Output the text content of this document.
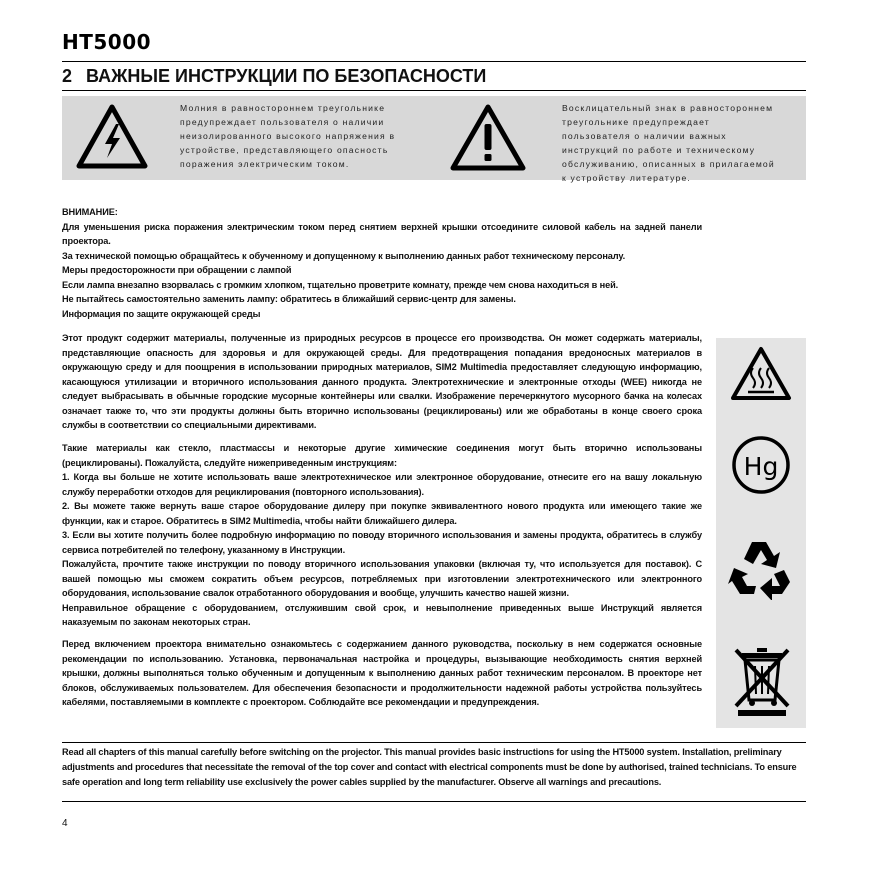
HT5000
2 ВАЖНЫЕ ИНСТРУКЦИИ ПО БЕЗОПАСНОСТИ
Молния в равностороннем треугольнике предупреждает пользователя о наличии неизолированного высокого напряжения в устройстве, представляющего опасность поражения электрическим током.
Восклицательный знак в равностороннем треугольнике предупреждает пользователя о наличии важных инструкций по работе и техническому обслуживанию, описанных в прилагаемой к устройству литературе.

ВНИМАНИЕ:

Для уменьшения риска поражения электрическим током перед снятием верхней крышки отсоедините силовой кабель на задней панели проектора.

За технической помощью обращайтесь к обученному и допущенному к выполнению данных работ техническому персоналу.

Меры предосторожности при обращении с лампой

Если лампа внезапно взорвалась с громким хлопком, тщательно проветрите комнату, прежде чем снова находиться в ней.

Не пытайтесь самостоятельно заменить лампу: обратитесь в ближайший сервис-центр для замены.

Информация по защите окружающей среды

Этот продукт содержит материалы, полученные из природных ресурсов в процессе его производства. Он может содержать материалы, представляющие опасность для здоровья и для окружающей среды. Для предотвращения попадания вредоносных материалов в окружающую среду и для поощрения в использовании природных материалов, SIM2 Multimedia предоставляет следующую информацию, касающуюся утилизации и вторичного использования данного продукта. Электротехнические и электронные отходы (WEE) никогда не следует выбрасывать в обычные городские мусорные контейнеры или свалки. Изображение перечеркнутого мусорного бачка на колесах означает также то, что эти продукты должны быть вторично использованы (рециклированы) или же обработаны в конце своего срока службы в соответствии со специальными директивами.

Такие материалы как стекло, пластмассы и некоторые другие химические соединения могут быть вторично использованы (рециклированы). Пожалуйста, следуйте нижеприведенным инструкциям:

1. Когда вы больше не хотите использовать ваше электротехническое или электронное оборудование, отнесите его на вашу локальную службу переработки отходов для рециклирования (повторного использования).

2. Вы можете также вернуть ваше старое оборудование дилеру при покупке эквивалентного нового продукта или имеющего такие же функции, как и старое. Обратитесь в SIM2 Multimedia, чтобы найти ближайшего дилера.

3. Если вы хотите получить более подробную информацию по поводу вторичного использования и замены продукта, обратитесь в службу сервиса потребителей по телефону, указанному в Инструкции.

Пожалуйста, прочтите также инструкции по поводу вторичного использования упаковки (включая ту, что используется для поставок). С вашей помощью мы сможем сократить объем ресурсов, потребляемых при изготовлении электротехнического или электронного оборудования, использование свалок отработанного оборудования и вообще, улучшить качество нашей жизни.

Неправильное обращение с оборудованием, отслужившим свой срок, и невыполнение приведенных выше Инструкций является наказуемым по законам некоторых стран.

Перед включением проектора внимательно ознакомьтесь с содержанием данного руководства, поскольку в нем содержатся основные рекомендации по использованию. Установка, первоначальная настройка и процедуры, вызывающие необходимость снятия верхней крышки, должны выполняться только обученным и допущенным к выполнению данных работ техническим персоналом. В проекторе нет блоков, обслуживаемых пользователем. Для обеспечения безопасности и продолжительности надежной работы устройства пользуйтесь кабелями, поставляемыми в комплекте с проектором. Соблюдайте все рекомендации и предупреждения.
Hg
Read all chapters of this manual carefully before switching on the projector. This manual provides basic instructions for using the HT5000 system. Installation, preliminary adjustments and procedures that necessitate the removal of the top cover and contact with electrical components must be done by authorised, trained technicians. To ensure safe operation and long term reliability use exclusively the power cables supplied by the manufacturer. Observe all warnings and precautions.
4
